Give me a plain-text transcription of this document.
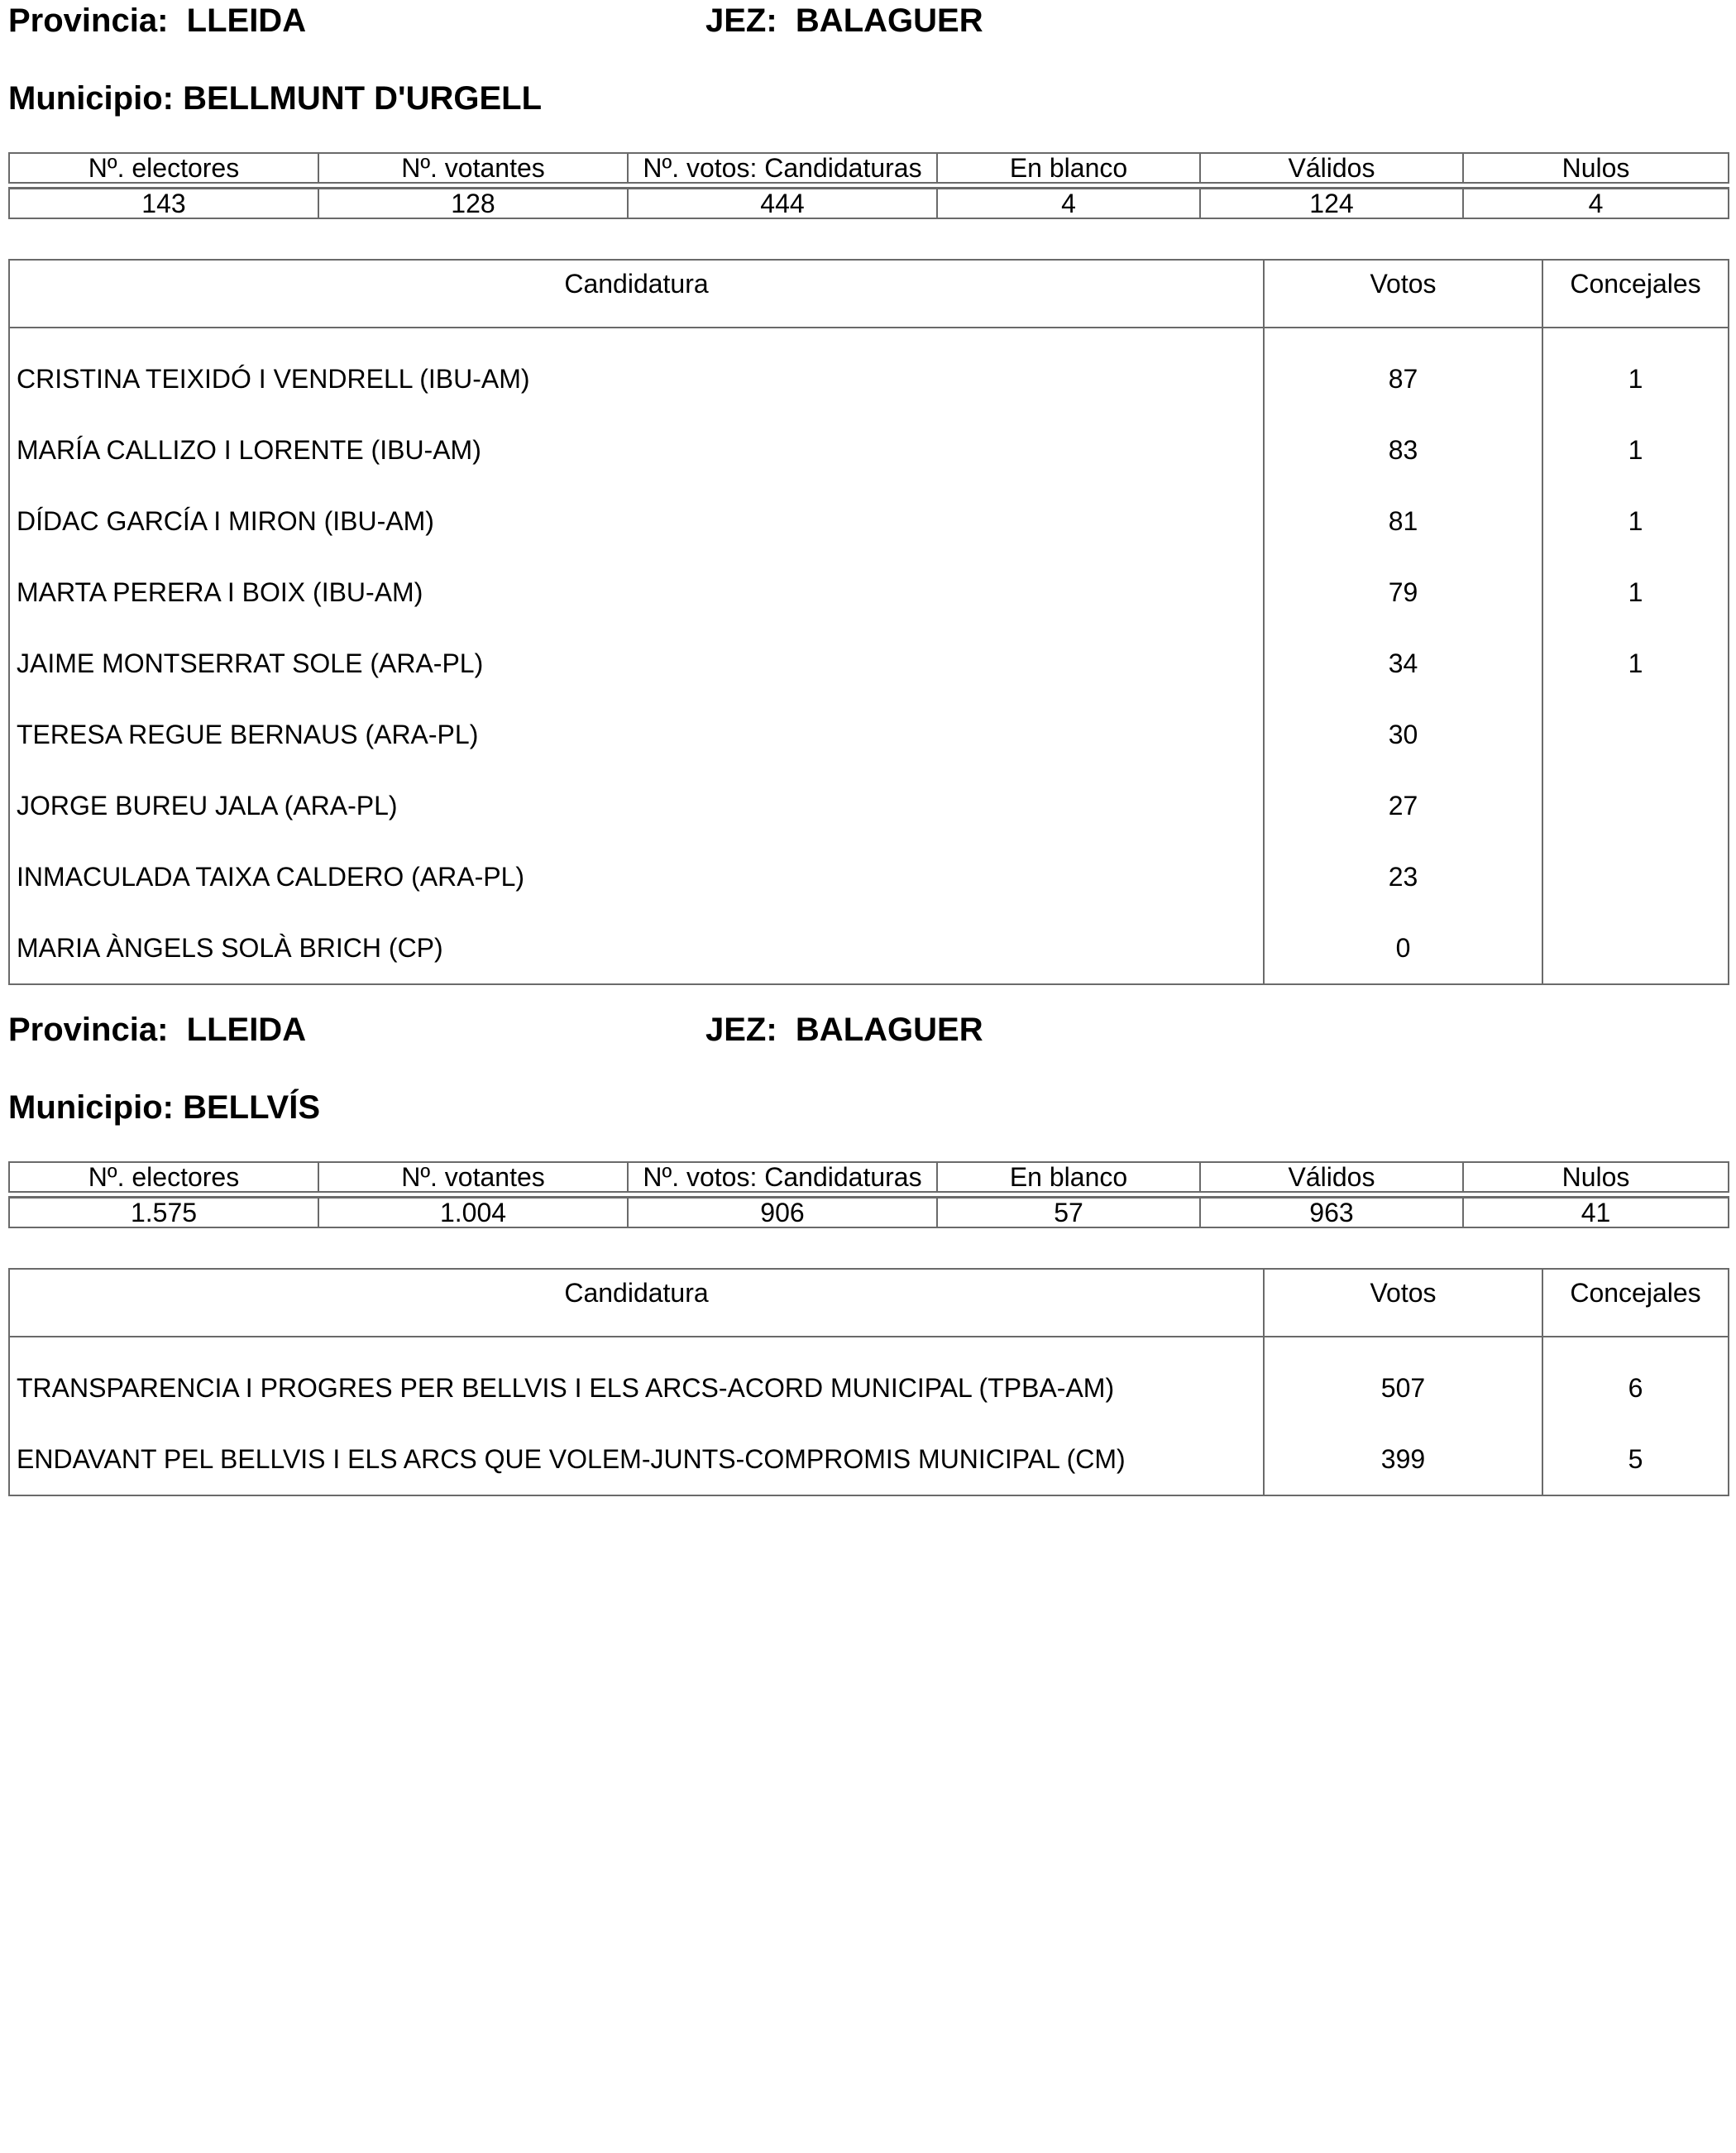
Provincia: LLEIDA	JEZ: BALAGUER
Municipio: BELLMUNT D'URGELL
Nº. electores	Nº. votantes	Nº. votos: Candidaturas	En blanco	Válidos	Nulos

143	128	444	4	124	4
Candidatura	Votos	Concejales
CRISTINA TEIXIDÓ I VENDRELL (IBU-AM)	87	1
MARÍA CALLIZO I LORENTE (IBU-AM)	83	1
DÍDAC GARCÍA I MIRON (IBU-AM)	81	1
MARTA PERERA I BOIX (IBU-AM)	79	1
JAIME MONTSERRAT SOLE (ARA-PL)	34	1
TERESA REGUE BERNAUS (ARA-PL)	30	
JORGE BUREU JALA (ARA-PL)	27	
INMACULADA TAIXA CALDERO (ARA-PL)	23	
MARIA ÀNGELS SOLÀ BRICH (CP)	0	
Provincia: LLEIDA	JEZ: BALAGUER
Municipio: BELLVÍS
Nº. electores	Nº. votantes	Nº. votos: Candidaturas	En blanco	Válidos	Nulos

1.575	1.004	906	57	963	41
Candidatura	Votos	Concejales
TRANSPARENCIA I PROGRES PER BELLVIS I ELS ARCS-ACORD MUNICIPAL (TPBA-AM)	507	6
ENDAVANT PEL BELLVIS I ELS ARCS QUE VOLEM-JUNTS-COMPROMIS MUNICIPAL (CM)	399	5
